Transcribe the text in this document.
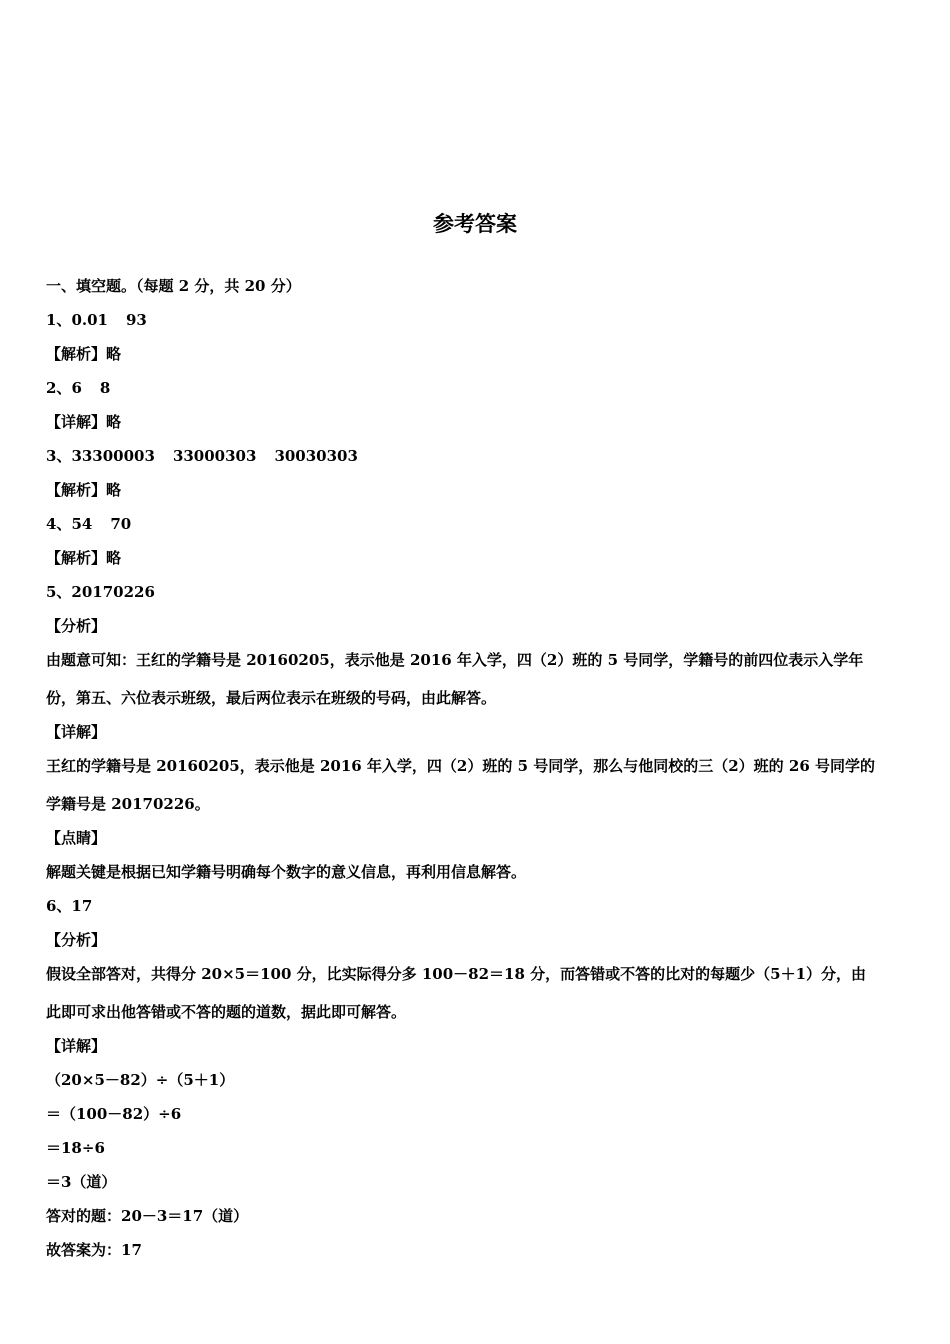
参考答案
一、填空题。（每题 2 分，共 20 分）
1、0.01 93
【解析】略
2、6 8
【详解】略
3、33300003 33000303 30030303
【解析】略
4、54 70
【解析】略
5、20170226
【分析】
由题意可知：王红的学籍号是 20160205，表示他是 2016 年入学，四（2）班的 5 号同学，学籍号的前四位表示入学年
份，第五、六位表示班级，最后两位表示在班级的号码，由此解答。
【详解】
王红的学籍号是 20160205，表示他是 2016 年入学，四（2）班的 5 号同学，那么与他同校的三（2）班的 26 号同学的
学籍号是 20170226。
【点睛】
解题关键是根据已知学籍号明确每个数字的意义信息，再利用信息解答。
6、17
【分析】
假设全部答对，共得分 20×5＝100 分，比实际得分多 100－82＝18 分，而答错或不答的比对的每题少（5＋1）分，由
此即可求出他答错或不答的题的道数，据此即可解答。
【详解】
（20×5－82）÷（5＋1）
＝（100－82）÷6
＝18÷6
＝3（道）
答对的题：20－3＝17（道）
故答案为：17
